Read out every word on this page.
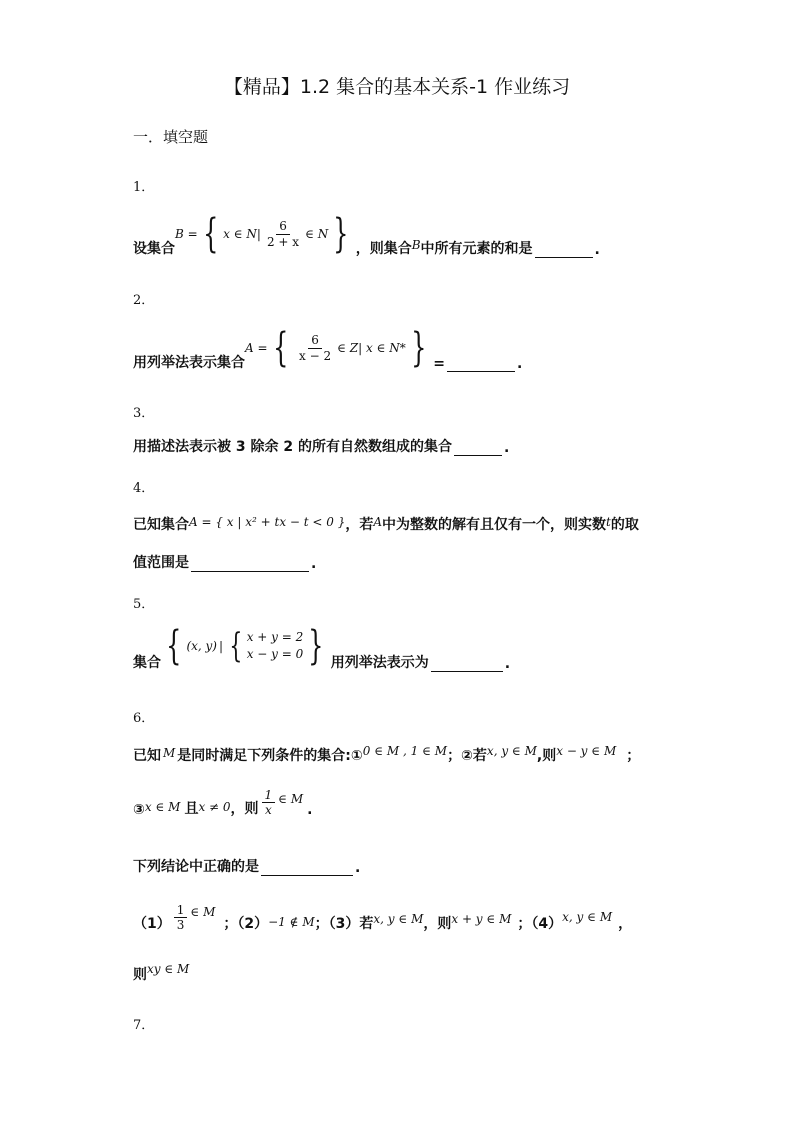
【精品】1.2 集合的基本关系-1 作业练习
一．填空题
1．
设集合
B = { x ∈ $N| \frac{6}{2 + x}$ ∈ N } ，则集合 B 中所有元素的和是	.
2．
用列举法表示集合
A = { $\frac{6}{x - 2}$ ∈ Z| x ∈ N* } =	.
3．
用描述法表示被 3 除余 2 的所有自然数组成的集合	.
4．
已知集合 A = { x | x² + tx − t < 0 } ，若 A 中为整数的解有且仅有一个，则实数 t 的取
值范围是	.
5．
集合 { (x, y) | { x + y = 2
x − y = 0 } 用列举法表示为	.
6．
已知 M 是同时满足下列条件的集合:① 0 ∈ M , 1 ∈ M ；②若 x, y ∈ M ,则 x − y ∈ M ；
③ x ∈ M 且 x ≠ 0 ，则 $\frac{1}{x}$ ∈ M
.
下列结论中正确的是	.
$(1) \frac{1}{3}$ ∈ M
；（2） −1 ∉ M ；（3）若 x, y ∈ M ，则 x + y ∈ M ；（4） x, y ∈ M ，
则 xy ∈ M
7．
